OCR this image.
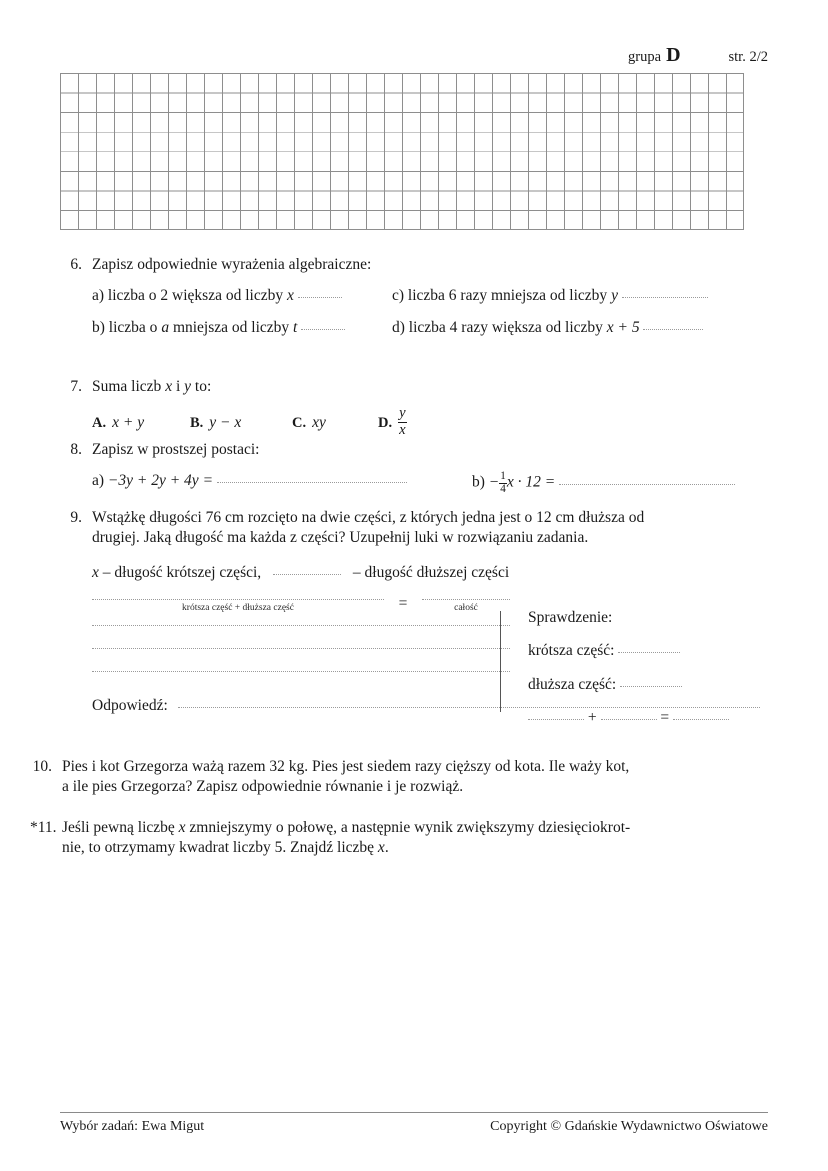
grupa D	str. 2/2
6. Zapisz odpowiednie wyrażenia algebraiczne:
a) liczba o 2 większa od liczby x
b) liczba o a mniejsza od liczby t
c) liczba 6 razy mniejsza od liczby y
d) liczba 4 razy większa od liczby x + 5
7. Suma liczb x i y to:
A. x + y	B. y − x	C. xy	D. $\frac{y}{x}$
8. Zapisz w prostszej postaci:
a) −3y + 2y + 4y =	$b) - \frac{1}{4}$ x · 12 =
9. Wstążkę długości 76 cm rozcięto na dwie części, z których jedna jest o 12 cm dłuższa od
drugiej. Jaką długość ma każda z części? Uzupełnij luki w rozwiązaniu zadania.
x – długość krótszej części,	– długość dłuższej części
krótsza część + dłuższa część	=	całość
Odpowiedź:
Sprawdzenie:
krótsza część:
dłuższa część:
+	=
10. Pies i kot Grzegorza ważą razem 32 kg. Pies jest siedem razy cięższy od kota. Ile waży kot,
a ile pies Grzegorza? Zapisz odpowiednie równanie i je rozwiąż.
*11. Jeśli pewną liczbę x zmniejszymy o połowę, a następnie wynik zwiększymy dziesięciokrot-
nie, to otrzymamy kwadrat liczby 5. Znajdź liczbę x.
Wybór zadań: Ewa Migut	Copyright © Gdańskie Wydawnictwo Oświatowe
